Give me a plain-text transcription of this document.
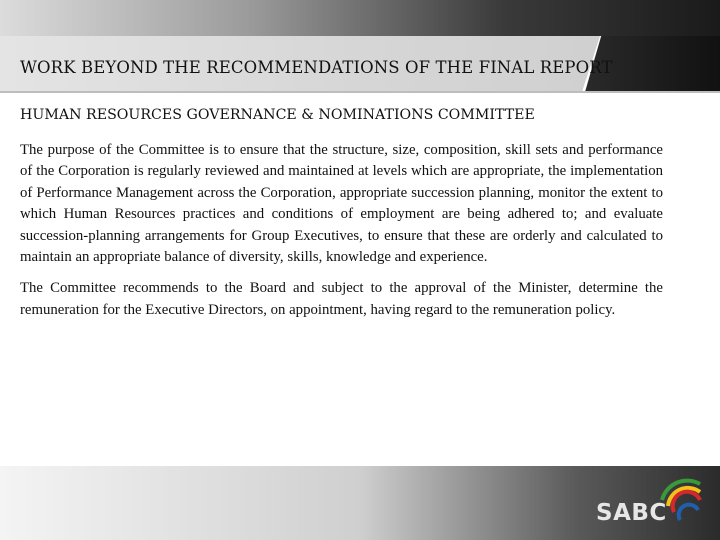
WORK BEYOND THE RECOMMENDATIONS OF THE FINAL REPORT
HUMAN RESOURCES GOVERNANCE & NOMINATIONS COMMITTEE

The purpose of the Committee is to ensure that the structure, size, composition, skill sets and performance of the Corporation is regularly reviewed and maintained at levels which are appropriate, the implementation of Performance Management across the Corporation, appropriate succession planning, monitor the extent to which Human Resources practices and conditions of employment are being adhered to; and evaluate succession-planning arrangements for Group Executives, to ensure that these are orderly and calculated to maintain an appropriate balance of diversity, skills, knowledge and experience.

The Committee recommends to the Board and subject to the approval of the Minister, determine the remuneration for the Executive Directors, on appointment, having regard to the remuneration policy.

SABC
